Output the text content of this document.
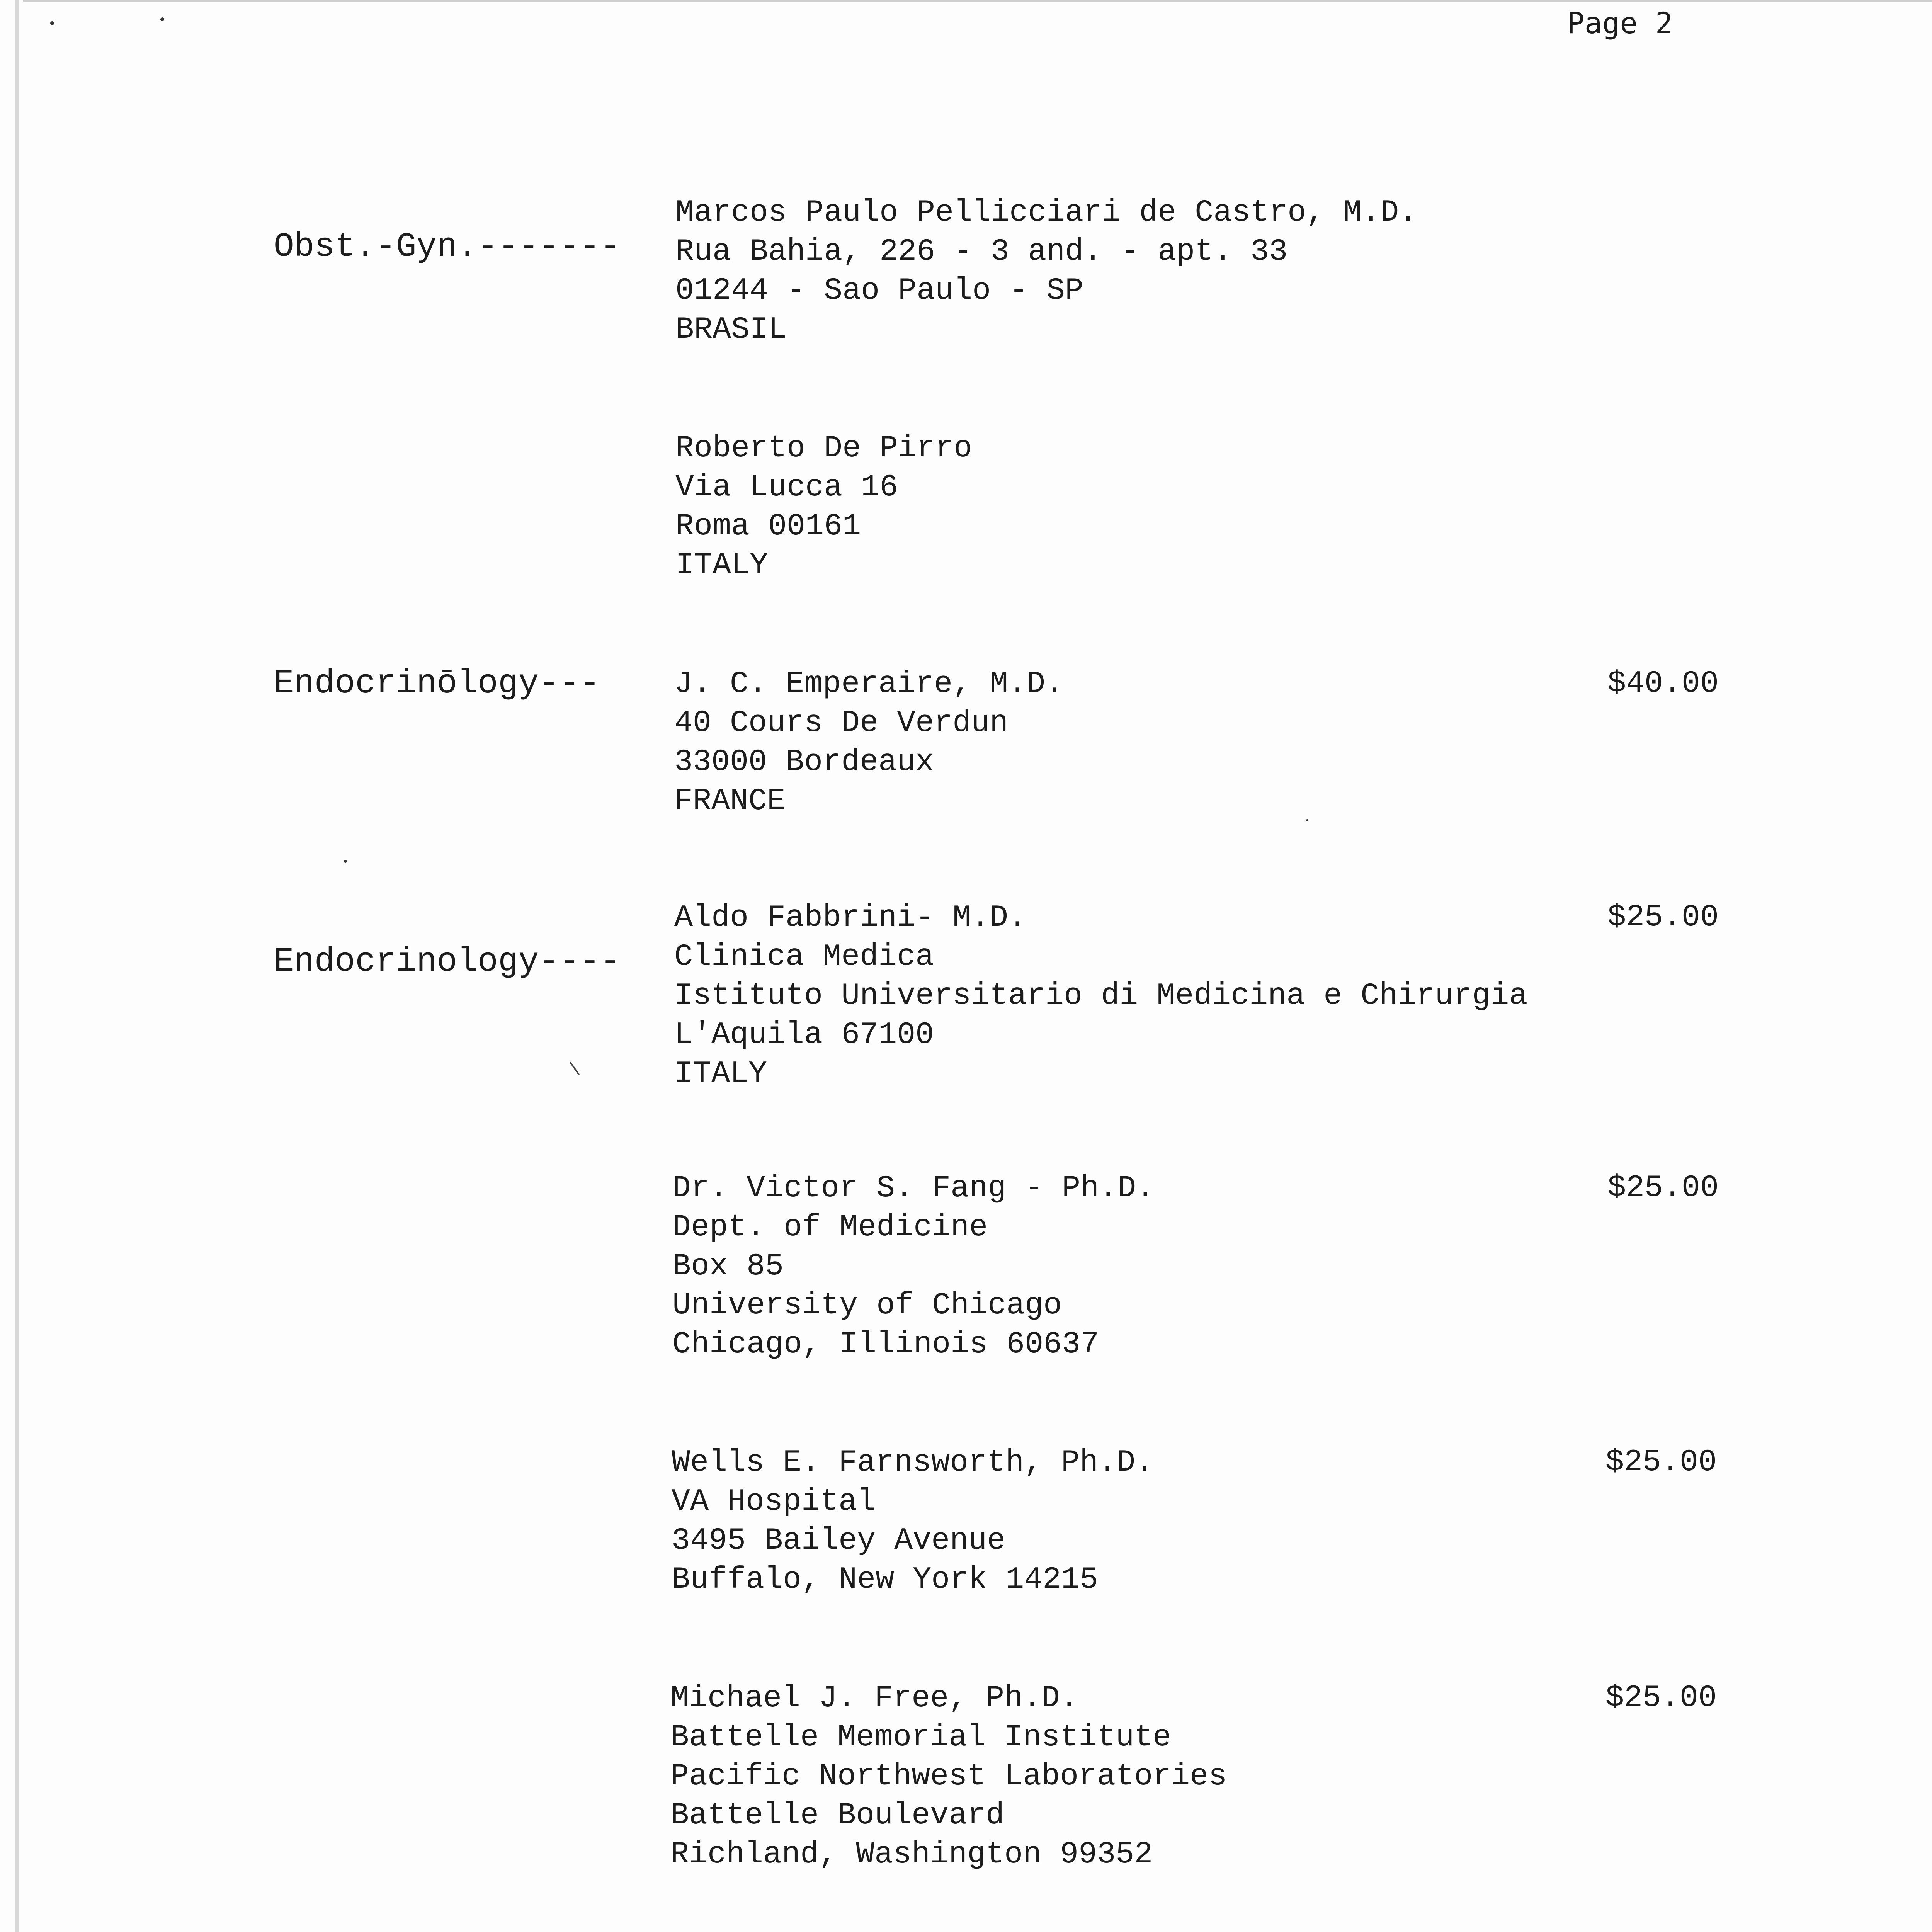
Page 2
Obst.-Gyn.-------
Marcos Paulo Pellicciari de Castro, M.D.
Rua Bahia, 226 - 3 and. - apt. 33
01244 - Sao Paulo - SP
BRASIL
Roberto De Pirro
Via Lucca 16
Roma 00161
ITALY
Endocrinōlogy--- J. C. Emperaire, M.D.
40 Cours De Verdun
33000 Bordeaux
FRANCE
$40.00
Endocrinology----
Aldo Fabbrini- M.D.
Clinica Medica
Istituto Universitario di Medicina e Chirurgia
L'Aquila 67100
ITALY
$25.00
Dr. Victor S. Fang - Ph.D.
Dept. of Medicine
Box 85
University of Chicago
Chicago, Illinois 60637
$25.00
Wells E. Farnsworth, Ph.D.
VA Hospital
3495 Bailey Avenue
Buffalo, New York 14215
$25.00
Michael J. Free, Ph.D.
Battelle Memorial Institute
Pacific Northwest Laboratories
Battelle Boulevard
Richland, Washington 99352
$25.00
